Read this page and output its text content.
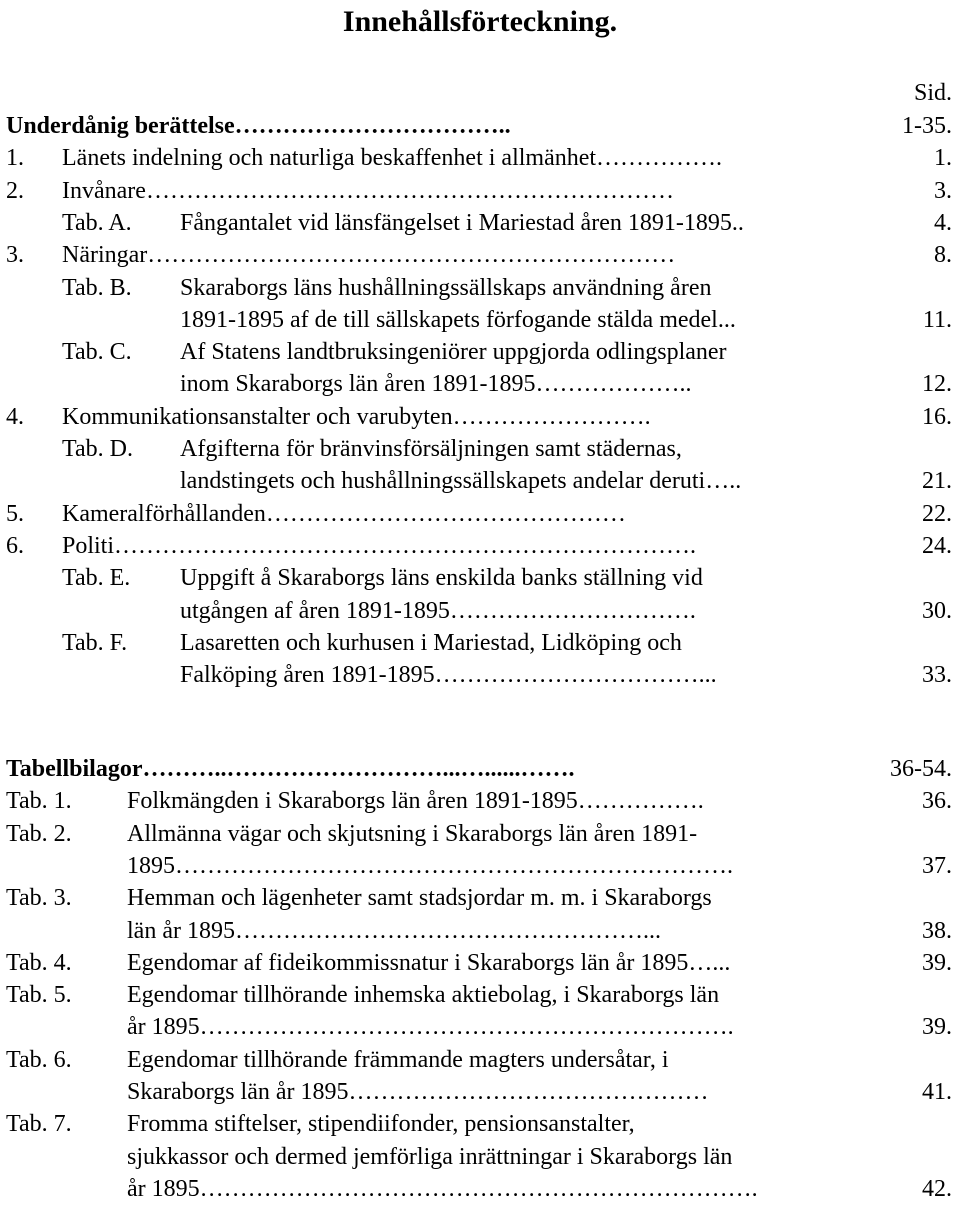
Innehållsförteckning.
Sid.
Underdånig berättelse……………………………..	1-35.
1. Länets indelning och naturliga beskaffenhet i allmänhet…………….	1.
2. Invånare…………………………………………………………	3.
Tab. A. Fångantalet vid länsfängelset i Mariestad åren 1891-1895..	4.
3. Näringar…………………………………………………………	8.
Tab. B. Skaraborgs läns hushållningssällskaps användning åren
1891-1895 af de till sällskapets förfogande stälda medel...	11.
Tab. C. Af Statens landtbruksingeniörer uppgjorda odlingsplaner
inom Skaraborgs län åren 1891-1895………………..	12.
4. Kommunikationsanstalter och varubyten…………………….	16.
Tab. D. Afgifterna för bränvinsförsäljningen samt städernas,
landstingets och hushållningssällskapets andelar deruti…..	21.
5. Kameralförhållanden………………………………………	22.
6. Politi……………………………………………………………….	24.
Tab. E. Uppgift å Skaraborgs läns enskilda banks ställning vid
utgången af åren 1891-1895………………………….	30.
Tab. F. Lasaretten och kurhusen i Mariestad, Lidköping och
Falköping åren 1891-1895……………………………...	33.
Tabellbilagor………..………………………...…......…….	36-54.
Tab. 1. Folkmängden i Skaraborgs län åren 1891-1895…………….	36.
Tab. 2. Allmänna vägar och skjutsning i Skaraborgs län åren 1891-
1895…………………………………………………………….	37.
Tab. 3. Hemman och lägenheter samt stadsjordar m. m. i Skaraborgs
län år 1895……………………………………………...	38.
Tab. 4. Egendomar af fideikommissnatur i Skaraborgs län år 1895…...	39.
Tab. 5. Egendomar tillhörande inhemska aktiebolag, i Skaraborgs län
år 1895………………………………………………………….	39.
Tab. 6. Egendomar tillhörande främmande magters undersåtar, i
Skaraborgs län år 1895………………………………………	41.
Tab. 7. Fromma stiftelser, stipendiifonder, pensionsanstalter,
sjukkassor och dermed jemförliga inrättningar i Skaraborgs län
år 1895…………………………………………………………….	42.
